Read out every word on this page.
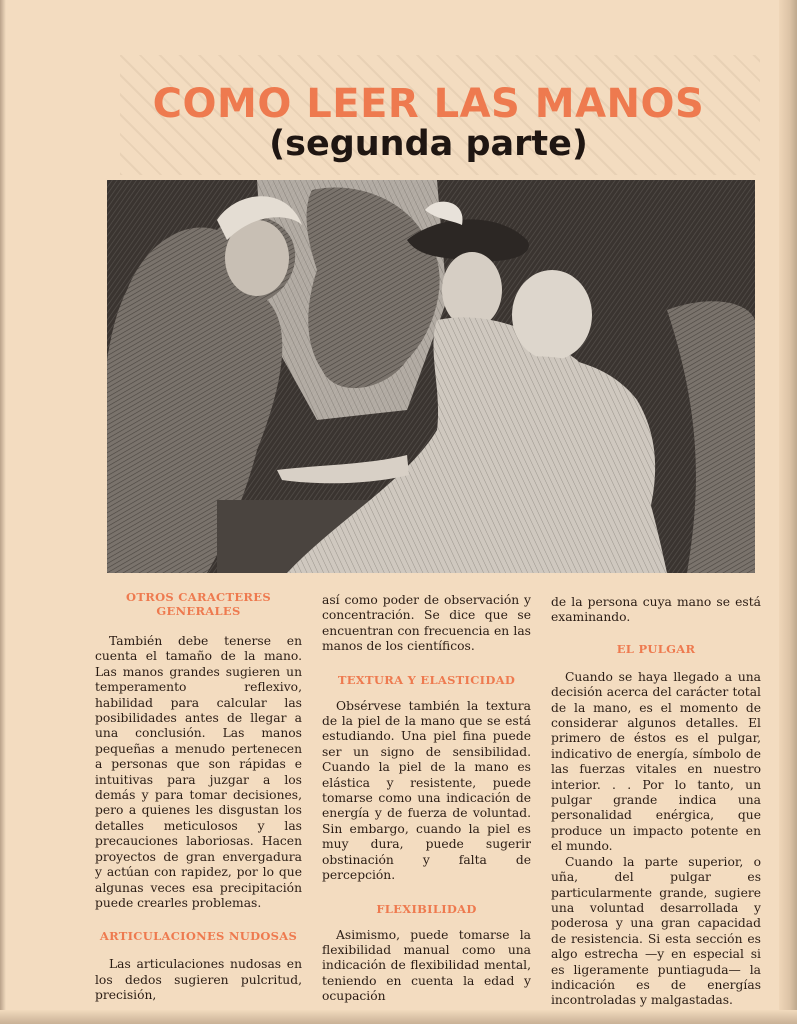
COMO LEER LAS MANOS
(segunda parte)
OTROS CARACTERES GENERALES

También debe tenerse en cuenta el tamaño de la mano. Las manos grandes sugieren un temperamento reflexivo, habilidad para calcular las posibilidades antes de llegar a una conclusión. Las manos pequeñas a menudo pertenecen a personas que son rápidas e intuitivas para juzgar a los demás y para tomar decisiones, pero a quienes les disgustan los detalles meticulosos y las precauciones laboriosas. Hacen proyectos de gran envergadura y actúan con rapidez, por lo que algunas veces esa precipitación puede crearles problemas.

ARTICULACIONES NUDOSAS

Las articulaciones nudosas en los dedos sugieren pulcritud, precisión,

así como poder de observación y concentración. Se dice que se encuentran con frecuencia en las manos de los científicos.

TEXTURA Y ELASTICIDAD

Obsérvese también la textura de la piel de la mano que se está estudiando. Una piel fina puede ser un signo de sensibilidad. Cuando la piel de la mano es elástica y resistente, puede tomarse como una indicación de energía y de fuerza de voluntad. Sin embargo, cuando la piel es muy dura, puede sugerir obstinación y falta de percepción.

FLEXIBILIDAD

Asimismo, puede tomarse la flexibilidad manual como una indicación de flexibilidad mental, teniendo en cuenta la edad y ocupación

de la persona cuya mano se está examinando.

EL PULGAR

Cuando se haya llegado a una decisión acerca del carácter total de la mano, es el momento de considerar algunos detalles. El primero de éstos es el pulgar, indicativo de energía, símbolo de las fuerzas vitales en nuestro interior. . . Por lo tanto, un pulgar grande indica una personalidad enérgica, que produce un impacto potente en el mundo.

Cuando la parte superior, o uña, del pulgar es particularmente grande, sugiere una voluntad desarrollada y poderosa y una gran capacidad de resistencia. Si esta sección es algo estrecha —y en especial si es ligeramente puntiaguda— la indicación es de energías incontroladas y malgastadas.
